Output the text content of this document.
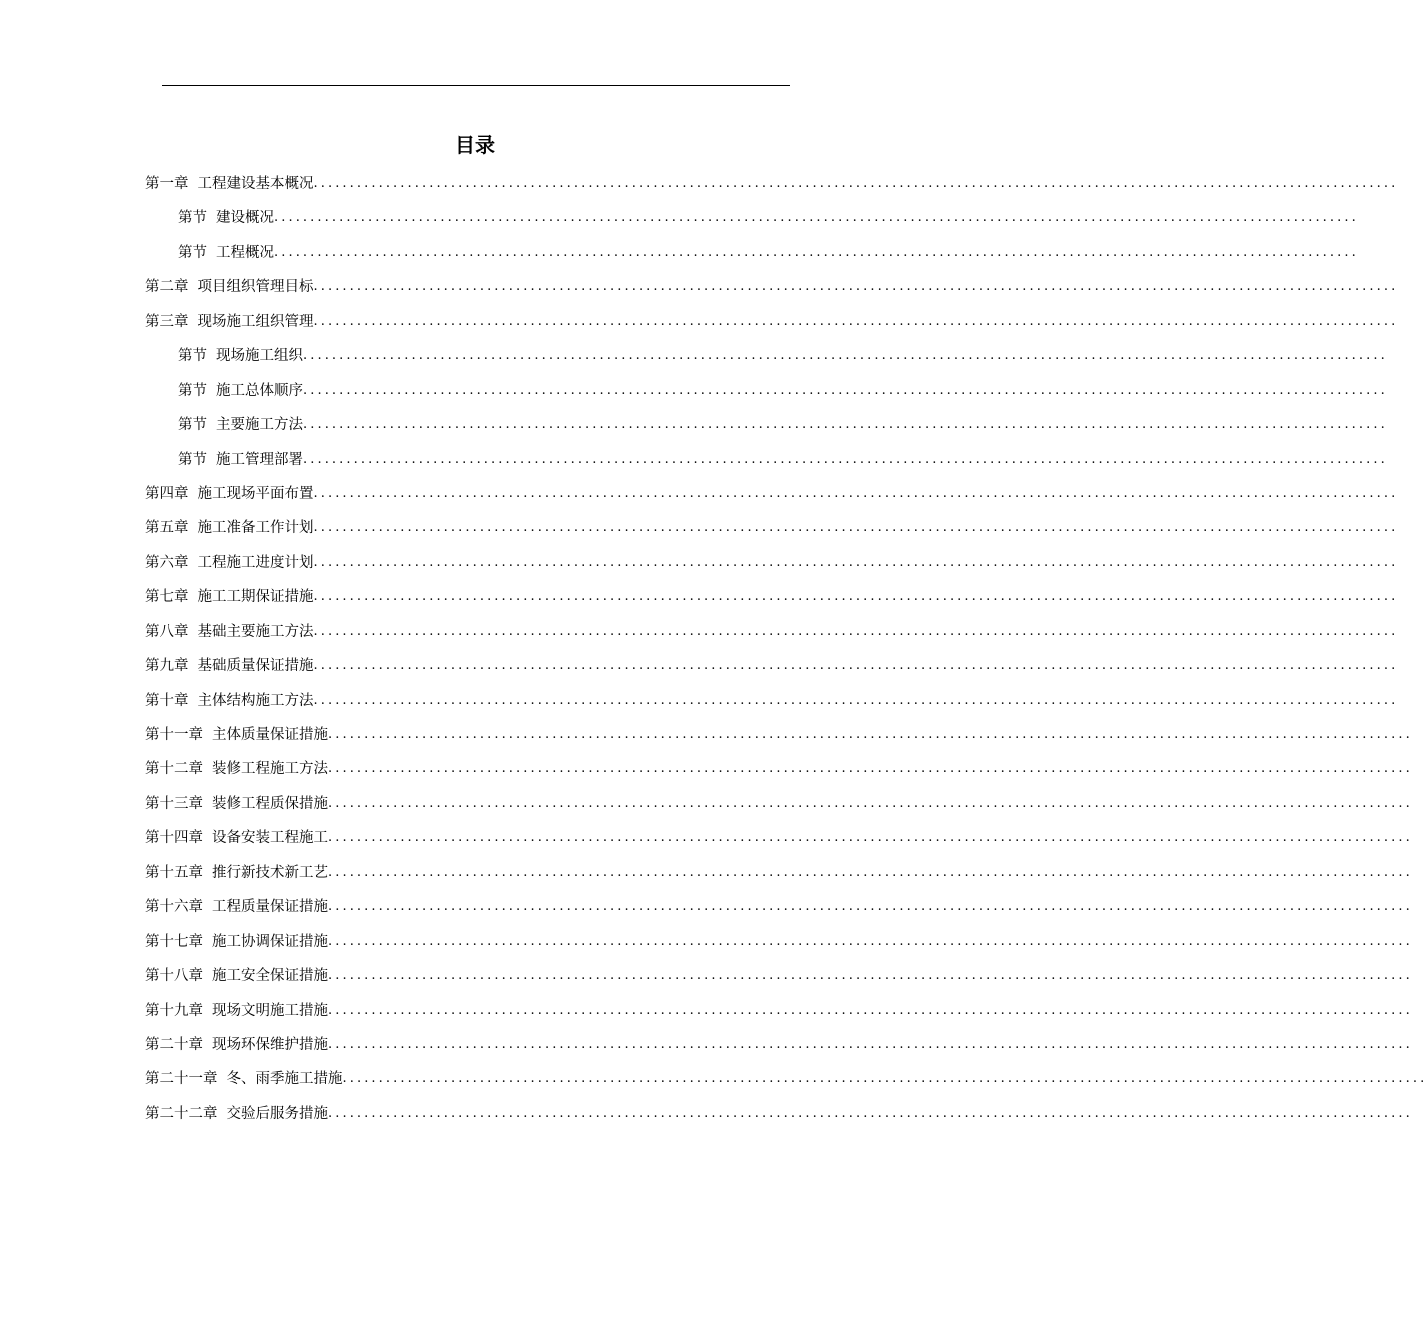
目录
第一章 工程建设基本概况 ......................................................................................................................................................
第节 建设概况 ......................................................................................................................................................
第节 工程概况 ......................................................................................................................................................
第二章 项目组织管理目标 ......................................................................................................................................................
第三章 现场施工组织管理 ......................................................................................................................................................
第节 现场施工组织 ......................................................................................................................................................
第节 施工总体顺序 ......................................................................................................................................................
第节 主要施工方法 ......................................................................................................................................................
第节 施工管理部署 ......................................................................................................................................................
第四章 施工现场平面布置 ......................................................................................................................................................
第五章 施工准备工作计划 ......................................................................................................................................................
第六章 工程施工进度计划 ......................................................................................................................................................
第七章 施工工期保证措施 ......................................................................................................................................................
第八章 基础主要施工方法 ......................................................................................................................................................
第九章 基础质量保证措施 ......................................................................................................................................................
第十章 主体结构施工方法 ......................................................................................................................................................
第十一章 主体质量保证措施 ......................................................................................................................................................
第十二章 装修工程施工方法 ......................................................................................................................................................
第十三章 装修工程质保措施 ......................................................................................................................................................
第十四章 设备安装工程施工 ......................................................................................................................................................
第十五章 推行新技术新工艺 ......................................................................................................................................................
第十六章 工程质量保证措施 ......................................................................................................................................................
第十七章 施工协调保证措施 ......................................................................................................................................................
第十八章 施工安全保证措施 ......................................................................................................................................................
第十九章 现场文明施工措施 ......................................................................................................................................................
第二十章 现场环保维护措施 ......................................................................................................................................................
第二十一章 冬、雨季施工措施 ......................................................................................................................................................
第二十二章 交验后服务措施 ......................................................................................................................................................
